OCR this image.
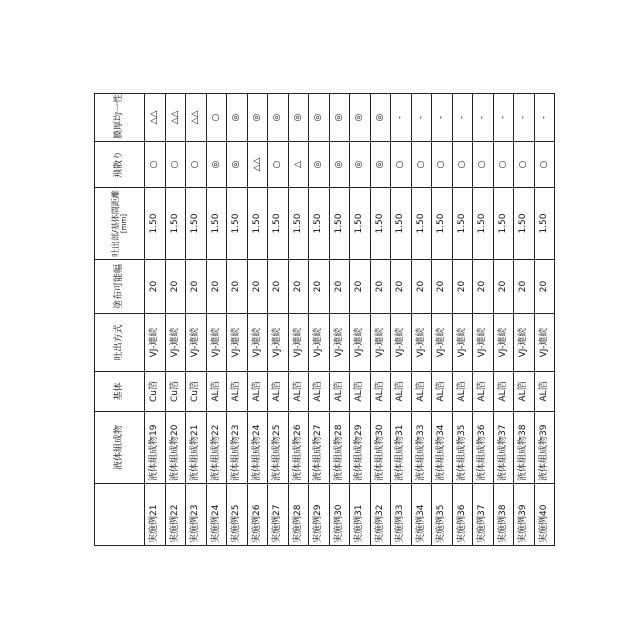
	液体組成物	基体	吐出方式	塗布可能幅	吐出部/基体間距離 [mm]
	飛散り	膜厚均一性
実施例21	液体組成物19	Cu箔	VJ-連続	20	1.50	○	△△
実施例22	液体組成物20	Cu箔	VJ-連続	20	1.50	○	△△
実施例23	液体組成物21	Cu箔	VJ-連続	20	1.50	○	△△
実施例24	液体組成物22	AL箔	VJ-連続	20	1.50	◎	○
実施例25	液体組成物23	AL箔	VJ-連続	20	1.50	◎	◎
実施例26	液体組成物24	AL箔	VJ-連続	20	1.50	△△	◎
実施例27	液体組成物25	AL箔	VJ-連続	20	1.50	○	◎
実施例28	液体組成物26	AL箔	VJ-連続	20	1.50	△	◎
実施例29	液体組成物27	AL箔	VJ-連続	20	1.50	◎	◎
実施例30	液体組成物28	AL箔	VJ-連続	20	1.50	◎	◎
実施例31	液体組成物29	AL箔	VJ-連続	20	1.50	◎	◎
実施例32	液体組成物30	AL箔	VJ-連続	20	1.50	◎	◎
実施例33	液体組成物31	AL箔	VJ-連続	20	1.50	○	-
実施例34	液体組成物33	AL箔	VJ-連続	20	1.50	○	-
実施例35	液体組成物34	AL箔	VJ-連続	20	1.50	○	-
実施例36	液体組成物35	AL箔	VJ-連続	20	1.50	○	-
実施例37	液体組成物36	AL箔	VJ-連続	20	1.50	○	-
実施例38	液体組成物37	AL箔	VJ-連続	20	1.50	○	-
実施例39	液体組成物38	AL箔	VJ-連続	20	1.50	○	-
実施例40	液体組成物39	AL箔	VJ-連続	20	1.50	○	-
